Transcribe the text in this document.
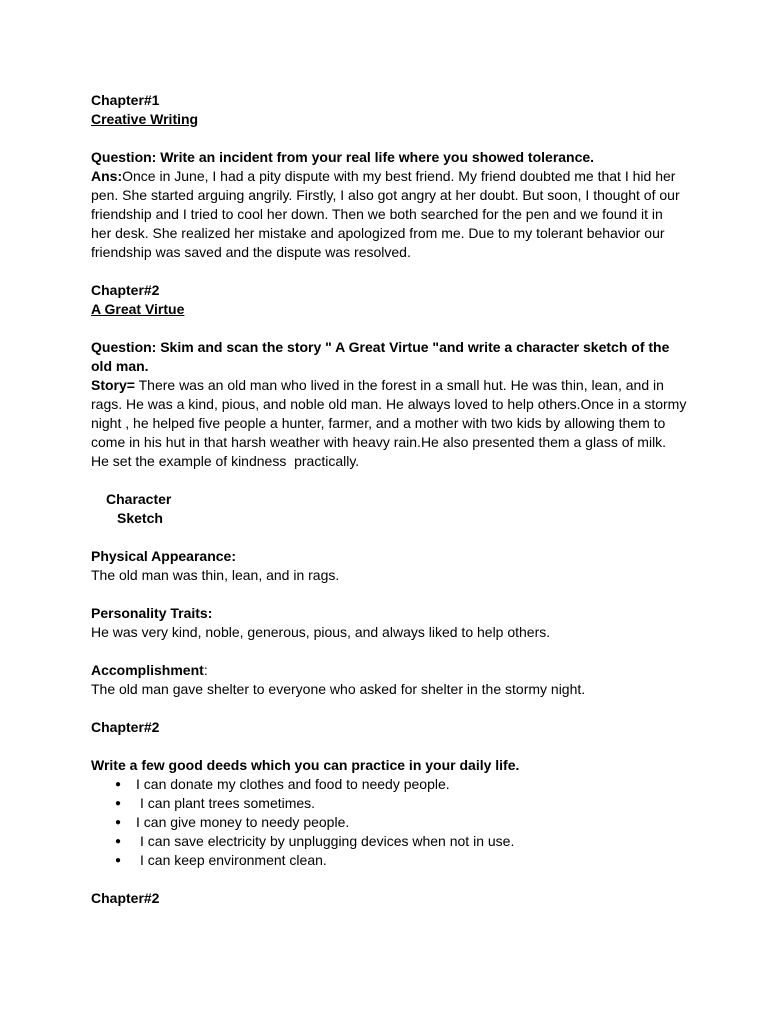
Chapter#1

Creative Writing

Question: Write an incident from your real life where you showed tolerance.

Ans:Once in June, I had a pity dispute with my best friend. My friend doubted me that I hid her

pen. She started arguing angrily. Firstly, I also got angry at her doubt. But soon, I thought of our

friendship and I tried to cool her down. Then we both searched for the pen and we found it in

her desk. She realized her mistake and apologized from me. Due to my tolerant behavior our

friendship was saved and the dispute was resolved.

Chapter#2

A Great Virtue

Question: Skim and scan the story " A Great Virtue "and write a character sketch of the

old man.

Story= There was an old man who lived in the forest in a small hut. He was thin, lean, and in

rags. He was a kind, pious, and noble old man. He always loved to help others.Once in a stormy

night , he helped five people a hunter, farmer, and a mother with two kids by allowing them to

come in his hut in that harsh weather with heavy rain.He also presented them a glass of milk.

He set the example of kindness  practically.

Character

Sketch

Physical Appearance:

The old man was thin, lean, and in rags.

Personality Traits:

He was very kind, noble, generous, pious, and always liked to help others.

Accomplishment:

The old man gave shelter to everyone who asked for shelter in the stormy night.

Chapter#2

Write a few good deeds which you can practice in your daily life.

● I can donate my clothes and food to needy people.
● I can plant trees sometimes.
● I can give money to needy people.
● I can save electricity by unplugging devices when not in use.
● I can keep environment clean.

Chapter#2
